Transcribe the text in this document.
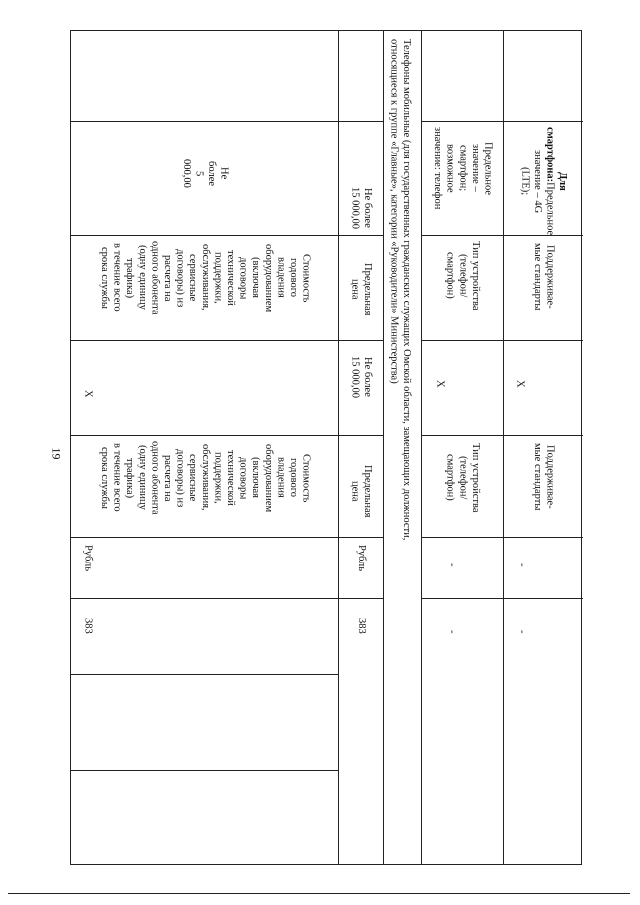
19
Не более
5 000,00
Стоимость
годового
владения
оборудованием
(включая
договоры
технической
поддержки,
обслуживания,
сервисные
договоры) из
расчета на
одного абонента
(одну единицу
трафика)
в течение всего
срока службы
X
Стоимость
годового
владения
оборудованием
(включая
договоры
технической
поддержки,
обслуживания,
сервисные
договоры) из
расчета на
одного абонента
(одну единицу
трафика)
в течение всего
срока службы
Рубль
383
Не более
15 000,00
Предельная
цена
Не более
15 000,00
Предельная
цена
Рубль
383
Телефоны мобильные (для государственных гражданских служащих Омской области, замещающих должности,
относящиеся к группе «Главные», категории «Руководители» Министерства)
Предельное
значение –
смартфон;
возможное
значение: телефон
Тип устройства
(телефон/
смартфон)
X
Тип устройства
(телефон/
смартфон)
-
-
Для смартфона:Предельное
значение – 4G
(LTE);
Поддерживае-
мые стандарты
X
Поддерживае-
мые стандарты
-
-
